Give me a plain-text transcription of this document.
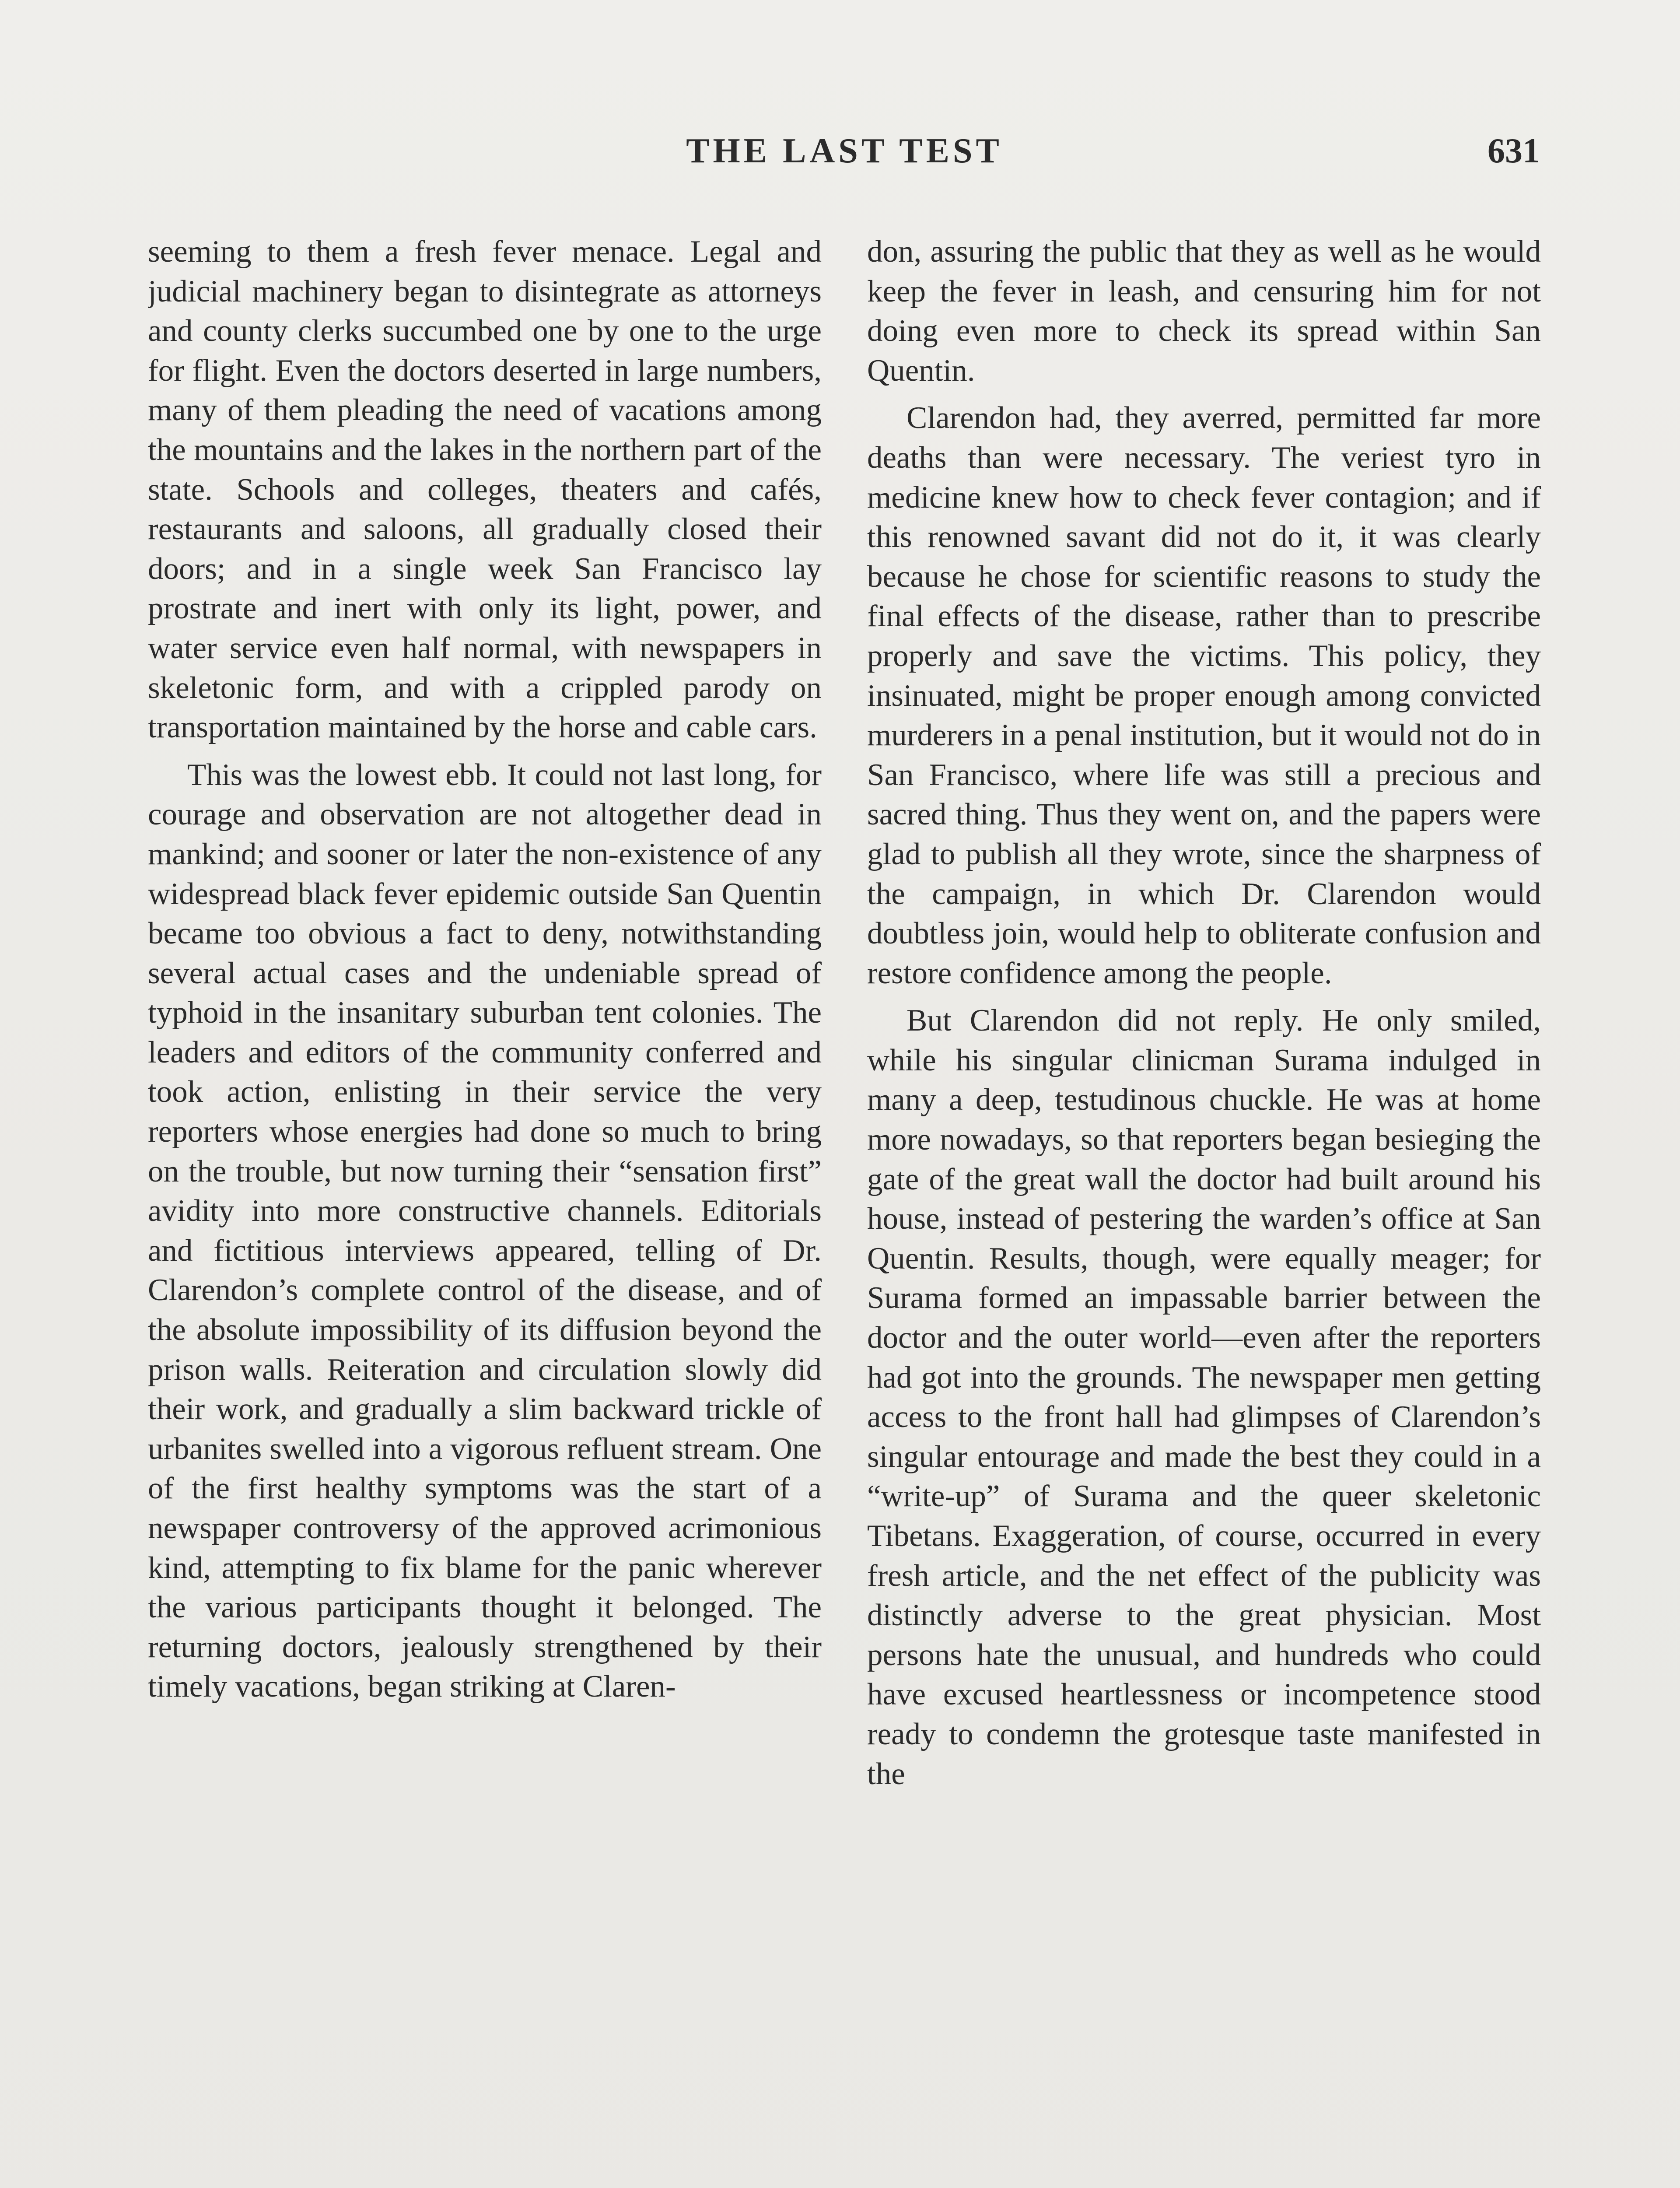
THE LAST TEST	631

seeming to them a fresh fever menace. Legal and judicial machinery began to disintegrate as attorneys and county clerks succumbed one by one to the urge for flight. Even the doctors deserted in large numbers, many of them pleading the need of vacations among the mountains and the lakes in the northern part of the state. Schools and colleges, theaters and cafés, restaurants and saloons, all gradually closed their doors; and in a single week San Francisco lay prostrate and inert with only its light, power, and water service even half normal, with newspapers in skeletonic form, and with a crippled parody on transportation maintained by the horse and cable cars.

This was the lowest ebb. It could not last long, for courage and observation are not altogether dead in mankind; and sooner or later the non-existence of any widespread black fever epidemic outside San Quentin became too obvious a fact to deny, notwithstanding several actual cases and the undeniable spread of typhoid in the insanitary suburban tent colonies. The leaders and editors of the community conferred and took action, enlisting in their service the very reporters whose energies had done so much to bring on the trouble, but now turning their “sensation first” avidity into more constructive channels. Editorials and fictitious interviews appeared, telling of Dr. Clarendon’s complete control of the disease, and of the absolute impossibility of its diffusion beyond the prison walls. Reiteration and circulation slowly did their work, and gradually a slim backward trickle of urbanites swelled into a vigorous refluent stream. One of the first healthy symptoms was the start of a newspaper controversy of the approved acrimonious kind, attempting to fix blame for the panic wherever the various participants thought it belonged. The returning doctors, jealously strengthened by their timely vacations, began striking at Claren-

don, assuring the public that they as well as he would keep the fever in leash, and censuring him for not doing even more to check its spread within San Quentin.

Clarendon had, they averred, permitted far more deaths than were necessary. The veriest tyro in medicine knew how to check fever contagion; and if this renowned savant did not do it, it was clearly because he chose for scientific reasons to study the final effects of the disease, rather than to prescribe properly and save the victims. This policy, they insinuated, might be proper enough among convicted murderers in a penal institution, but it would not do in San Francisco, where life was still a precious and sacred thing. Thus they went on, and the papers were glad to publish all they wrote, since the sharpness of the campaign, in which Dr. Clarendon would doubtless join, would help to obliterate confusion and restore confidence among the people.

But Clarendon did not reply. He only smiled, while his singular clinicman Surama indulged in many a deep, testudinous chuckle. He was at home more nowadays, so that reporters began besieging the gate of the great wall the doctor had built around his house, instead of pestering the warden’s office at San Quentin. Results, though, were equally meager; for Surama formed an impassable barrier between the doctor and the outer world—even after the reporters had got into the grounds. The newspaper men getting access to the front hall had glimpses of Clarendon’s singular entourage and made the best they could in a “write-up” of Surama and the queer skeletonic Tibetans. Exaggeration, of course, occurred in every fresh article, and the net effect of the publicity was distinctly adverse to the great physician. Most persons hate the unusual, and hundreds who could have excused heartlessness or incompetence stood ready to condemn the grotesque taste manifested in the
